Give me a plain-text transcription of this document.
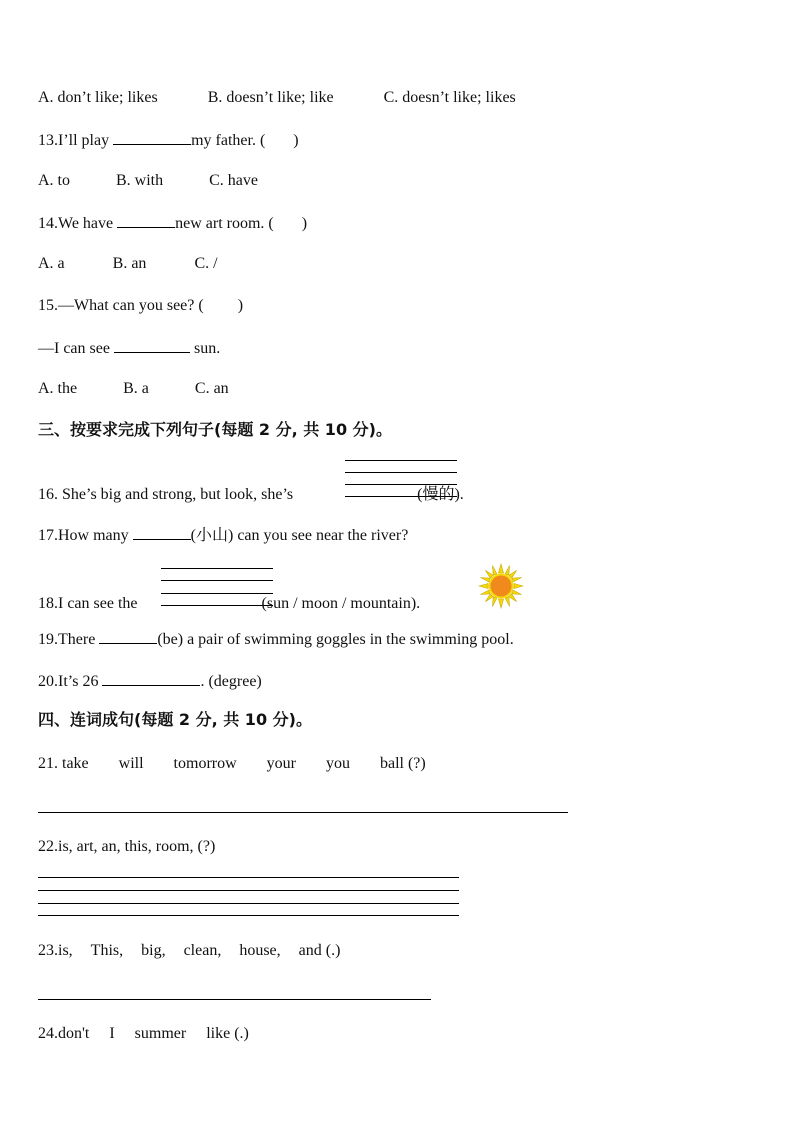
A. don’t like; likes	B. doesn’t like; like	C. doesn’t like; likes
13.I’ll play	my father. ( )
A. to	B. with	C. have
14.We have	new art room. ( )
A. a	B. an	C. /
15.—What can you see? ( )
—I can see	sun.
A. the	B. a	C. an
三、按要求完成下列句子(每题 2 分, 共 10 分)。
16. She’s big and strong, but look, she’s	(慢的).
17.How many	(小山) can you see near the river?
18.I can see the	(sun / moon / mountain).
19.There	(be) a pair of swimming goggles in the swimming pool.
20.It’s 26	. (degree)
四、连词成句(每题 2 分, 共 10 分)。
21. take will tomorrow your you ball (?)
22.is, art, an, this, room, (?)
23.is, This, big, clean, house, and (.)
24.don't I summer like (.)
